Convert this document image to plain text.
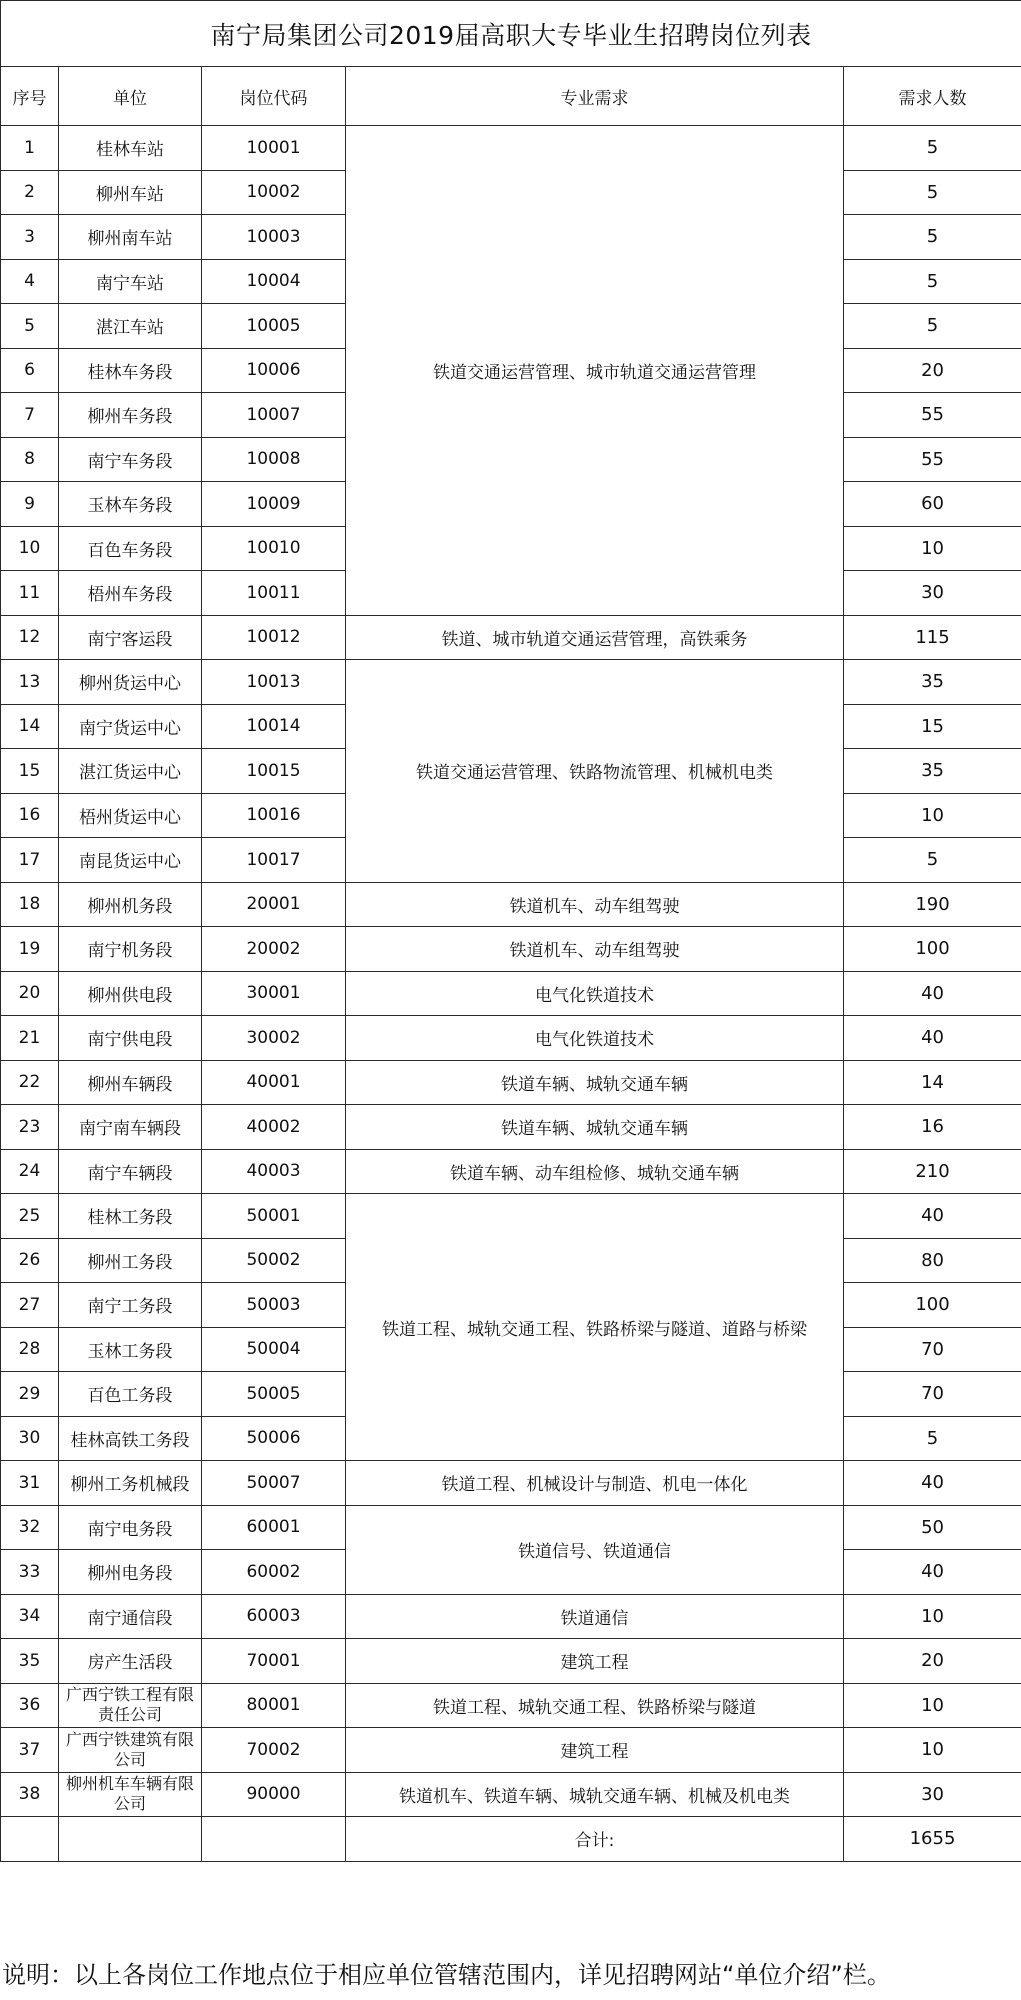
南宁局集团公司2019届高职大专毕业生招聘岗位列表				
序号	单位	岗位代码	专业需求	需求人数
1	桂林车站	10001	铁道交通运营管理、城市轨道交通运营管理	5
2	柳州车站	10002		5
3	柳州南车站	10003		5
4	南宁车站	10004		5
5	湛江车站	10005		5
6	桂林车务段	10006		20
7	柳州车务段	10007		55
8	南宁车务段	10008		55
9	玉林车务段	10009		60
10	百色车务段	10010		10
11	梧州车务段	10011		30
12	南宁客运段	10012	铁道、城市轨道交通运营管理，高铁乘务	115
13	柳州货运中心	10013	铁道交通运营管理、铁路物流管理、机械机电类	35
14	南宁货运中心	10014		15
15	湛江货运中心	10015		35
16	梧州货运中心	10016		10
17	南昆货运中心	10017		5
18	柳州机务段	20001	铁道机车、动车组驾驶	190
19	南宁机务段	20002	铁道机车、动车组驾驶	100
20	柳州供电段	30001	电气化铁道技术	40
21	南宁供电段	30002	电气化铁道技术	40
22	柳州车辆段	40001	铁道车辆、城轨交通车辆	14
23	南宁南车辆段	40002	铁道车辆、城轨交通车辆	16
24	南宁车辆段	40003	铁道车辆、动车组检修、城轨交通车辆	210
25	桂林工务段	50001	铁道工程、城轨交通工程、铁路桥梁与隧道、道路与桥梁	40
26	柳州工务段	50002		80
27	南宁工务段	50003		100
28	玉林工务段	50004		70
29	百色工务段	50005		70
30	桂林高铁工务段	50006		5
31	柳州工务机械段	50007	铁道工程、机械设计与制造、机电一体化	40
32	南宁电务段	60001	铁道信号、铁道通信	50
33	柳州电务段	60002		40
34	南宁通信段	60003	铁道通信	10
35	房产生活段	70001	建筑工程	20
36	广西宁铁工程有限责任公司	80001	铁道工程、城轨交通工程、铁路桥梁与隧道	10
37	广西宁铁建筑有限公司	70002	建筑工程	10
38	柳州机车车辆有限公司	90000	铁道机车、铁道车辆、城轨交通车辆、机械及机电类	30
			合计:	1655
说明：以上各岗位工作地点位于相应单位管辖范围内，详见招聘网站“单位介绍”栏。
